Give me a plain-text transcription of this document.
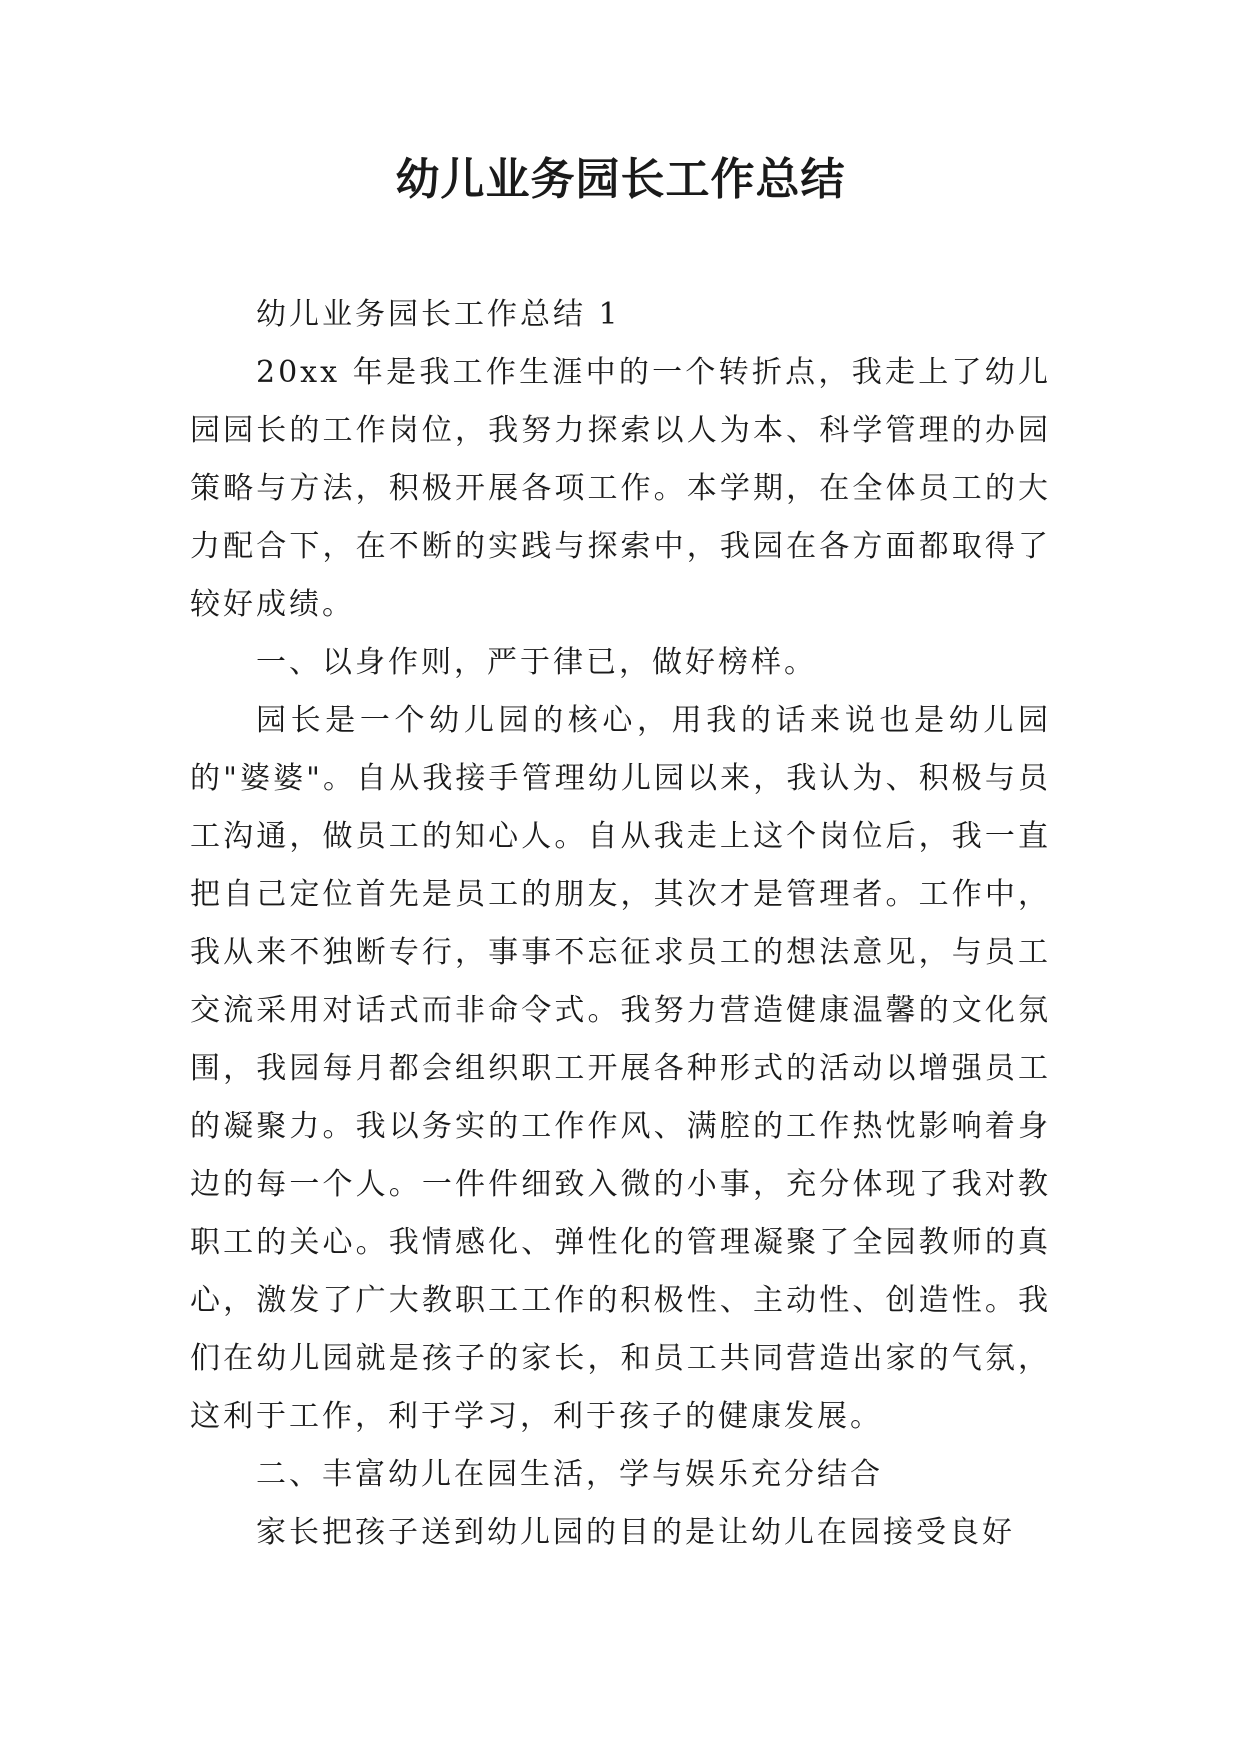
幼儿业务园长工作总结

幼儿业务园长工作总结 1

20xx 年是我工作生涯中的一个转折点，我走上了幼儿园园长的工作岗位，我努力探索以人为本、科学管理的办园策略与方法，积极开展各项工作。本学期，在全体员工的大力配合下，在不断的实践与探索中，我园在各方面都取得了较好成绩。

一、以身作则，严于律已，做好榜样。

园长是一个幼儿园的核心，用我的话来说也是幼儿园的"婆婆"。自从我接手管理幼儿园以来，我认为、积极与员工沟通，做员工的知心人。自从我走上这个岗位后，我一直把自己定位首先是员工的朋友，其次才是管理者。工作中，我从来不独断专行，事事不忘征求员工的想法意见，与员工交流采用对话式而非命令式。我努力营造健康温馨的文化氛围，我园每月都会组织职工开展各种形式的活动以增强员工的凝聚力。我以务实的工作作风、满腔的工作热忱影响着身边的每一个人。一件件细致入微的小事，充分体现了我对教职工的关心。我情感化、弹性化的管理凝聚了全园教师的真心，激发了广大教职工工作的积极性、主动性、创造性。我们在幼儿园就是孩子的家长，和员工共同营造出家的气氛，这利于工作，利于学习，利于孩子的健康发展。

二、丰富幼儿在园生活，学与娱乐充分结合

家长把孩子送到幼儿园的目的是让幼儿在园接受良好
